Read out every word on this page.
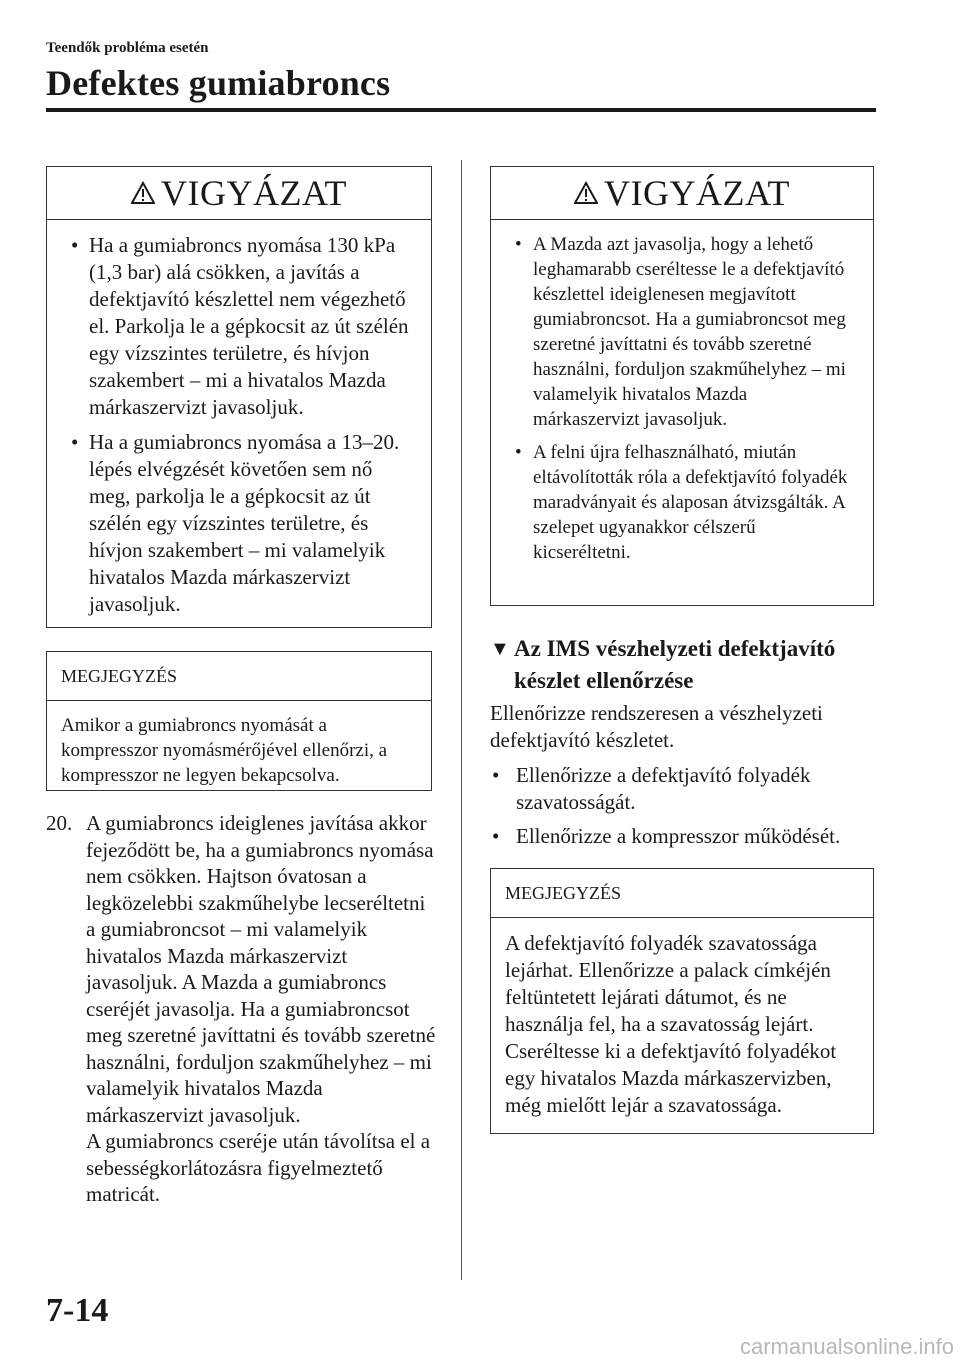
Teendők probléma esetén
Defektes gumiabroncs
VIGYÁZAT
• Ha a gumiabroncs nyomása 130 kPa (1,3 bar) alá csökken, a javítás a defektjavító készlettel nem végezhető el. Parkolja le a gépkocsit az út szélén egy vízszintes területre, és hívjon szakembert – mi a hivatalos Mazda márkaszervizt javasoljuk.
• Ha a gumiabroncs nyomása a 13–20. lépés elvégzését követően sem nő meg, parkolja le a gépkocsit az út szélén egy vízszintes területre, és hívjon szakembert – mi valamelyik hivatalos Mazda márkaszervizt javasoljuk.
MEGJEGYZÉS
Amikor a gumiabroncs nyomását a kompresszor nyomásmérőjével ellenőrzi, a kompresszor ne legyen bekapcsolva.
20. A gumiabroncs ideiglenes javítása akkor fejeződött be, ha a gumiabroncs nyomása nem csökken. Hajtson óvatosan a legközelebbi szakműhelybe lecseréltetni a gumiabroncsot – mi valamelyik hivatalos Mazda márkaszervizt javasoljuk. A Mazda a gumiabroncs cseréjét javasolja. Ha a gumiabroncsot meg szeretné javíttatni és tovább szeretné használni, forduljon szakműhelyhez – mi valamelyik hivatalos Mazda márkaszervizt javasoljuk.
A gumiabroncs cseréje után távolítsa el a sebességkorlátozásra figyelmeztető matricát.
VIGYÁZAT
• A Mazda azt javasolja, hogy a lehető leghamarabb cseréltesse le a defektjavító készlettel ideiglenesen megjavított gumiabroncsot. Ha a gumiabroncsot meg szeretné javíttatni és tovább szeretné használni, forduljon szakműhelyhez – mi valamelyik hivatalos Mazda márkaszervizt javasoljuk.
• A felni újra felhasználható, miután eltávolították róla a defektjavító folyadék maradványait és alaposan átvizsgálták. A szelepet ugyanakkor célszerű kicseréltetni.
▼ Az IMS vészhelyzeti defektjavító készlet ellenőrzése
Ellenőrizze rendszeresen a vészhelyzeti defektjavító készletet.
• Ellenőrizze a defektjavító folyadék szavatosságát.
• Ellenőrizze a kompresszor működését.
MEGJEGYZÉS
A defektjavító folyadék szavatossága lejárhat. Ellenőrizze a palack címkéjén feltüntetett lejárati dátumot, és ne használja fel, ha a szavatosság lejárt. Cseréltesse ki a defektjavító folyadékot egy hivatalos Mazda márkaszervizben, még mielőtt lejár a szavatossága.
7-14
carmanualsonline.info
